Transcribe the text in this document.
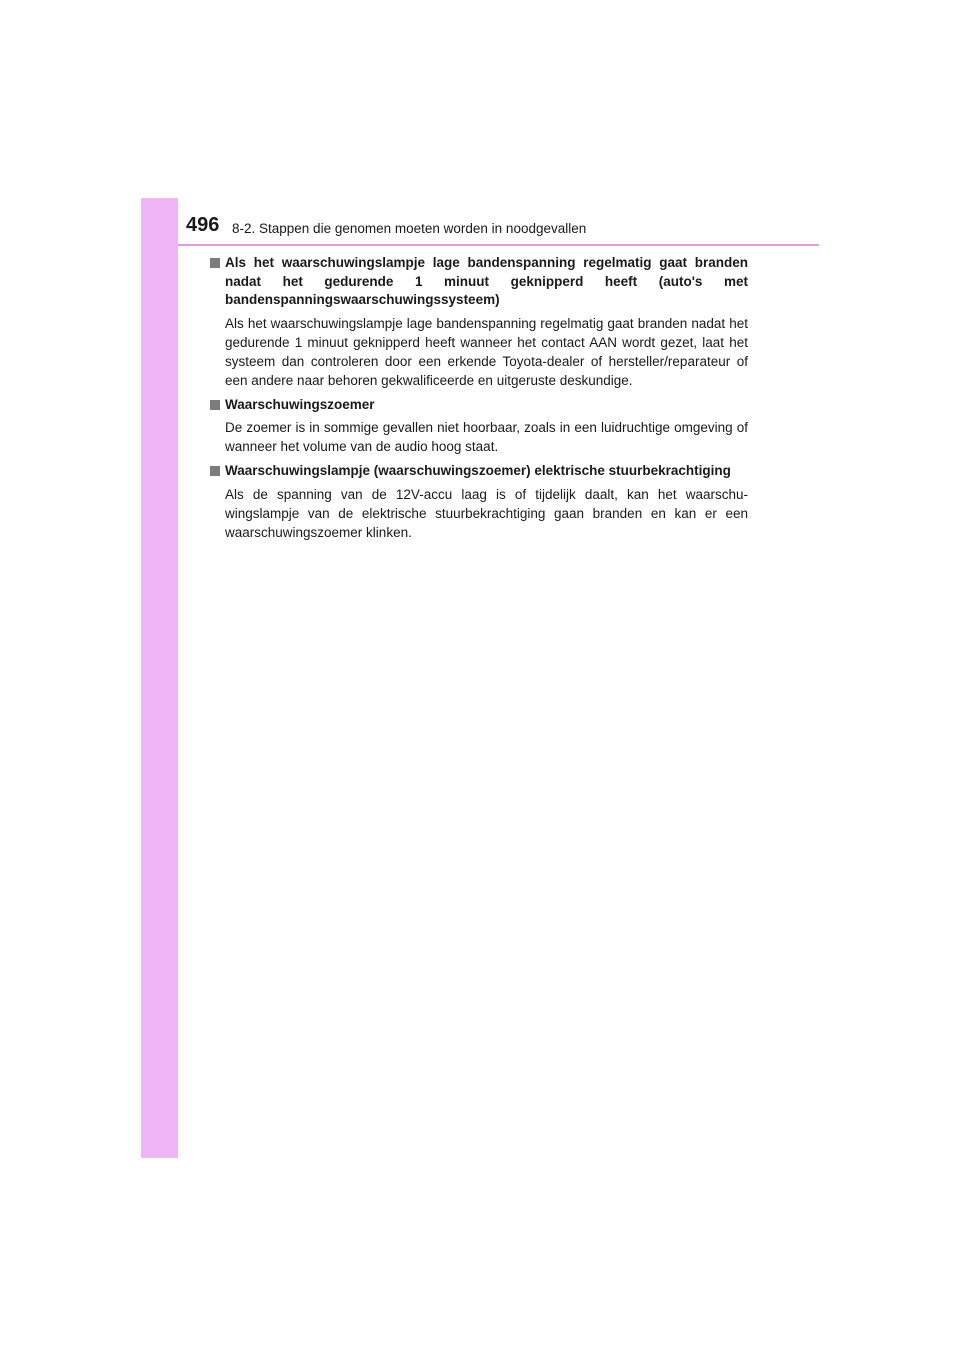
496 8-2. Stappen die genomen moeten worden in noodgevallen
Als het waarschuwingslampje lage bandenspanning regelmatig gaat branden nadat het gedurende 1 minuut geknipperd heeft (auto's met bandenspanningswaarschuwingssysteem)
Als het waarschuwingslampje lage bandenspanning regelmatig gaat branden nadat het gedurende 1 minuut geknipperd heeft wanneer het contact AAN wordt gezet, laat het systeem dan controleren door een erkende Toyota-dealer of hersteller/reparateur of een andere naar behoren gekwalificeerde en uitgeruste deskundige.
Waarschuwingszoemer
De zoemer is in sommige gevallen niet hoorbaar, zoals in een luidruchtige omgeving of wanneer het volume van de audio hoog staat.
Waarschuwingslampje (waarschuwingszoemer) elektrische stuurbekrachtiging
Als de spanning van de 12V-accu laag is of tijdelijk daalt, kan het waarschuwingslampje van de elektrische stuurbekrachtiging gaan branden en kan er een waarschuwingszoemer klinken.
